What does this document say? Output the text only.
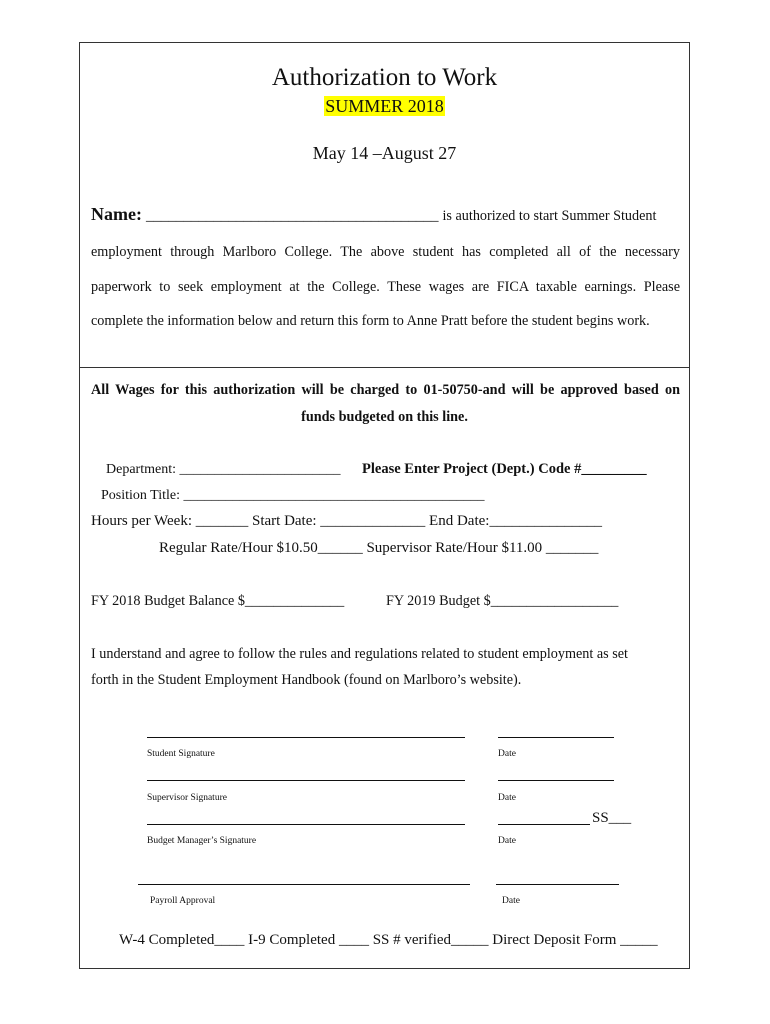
Authorization to Work
SUMMER 2018
May 14 –August 27
Name: _______________________________________ is authorized to start Summer Student
employment through Marlboro College. The above student has completed all of the necessary
paperwork to seek employment at the College. These wages are FICA taxable earnings. Please
complete the information below and return this form to Anne Pratt before the student begins work.
All Wages for this authorization will be charged to 01-50750-and will be approved based on
funds budgeted on this line.
Department: _______________________ Please Enter Project (Dept.) Code #_________
Position Title: ___________________________________________
Hours per Week: _______ Start Date: ______________ End Date:_______________
Regular Rate/Hour $10.50______ Supervisor Rate/Hour $11.00 _______
FY 2018 Budget Balance $______________	FY 2019 Budget $__________________
I understand and agree to follow the rules and regulations related to student employment as set
forth in the Student Employment Handbook (found on Marlboro’s website).
Student Signature	Date
Supervisor Signature	Date
SS___
Budget Manager’s Signature	Date
Payroll Approval	Date
W-4 Completed____ I-9 Completed ____ SS # verified_____ Direct Deposit Form _____
